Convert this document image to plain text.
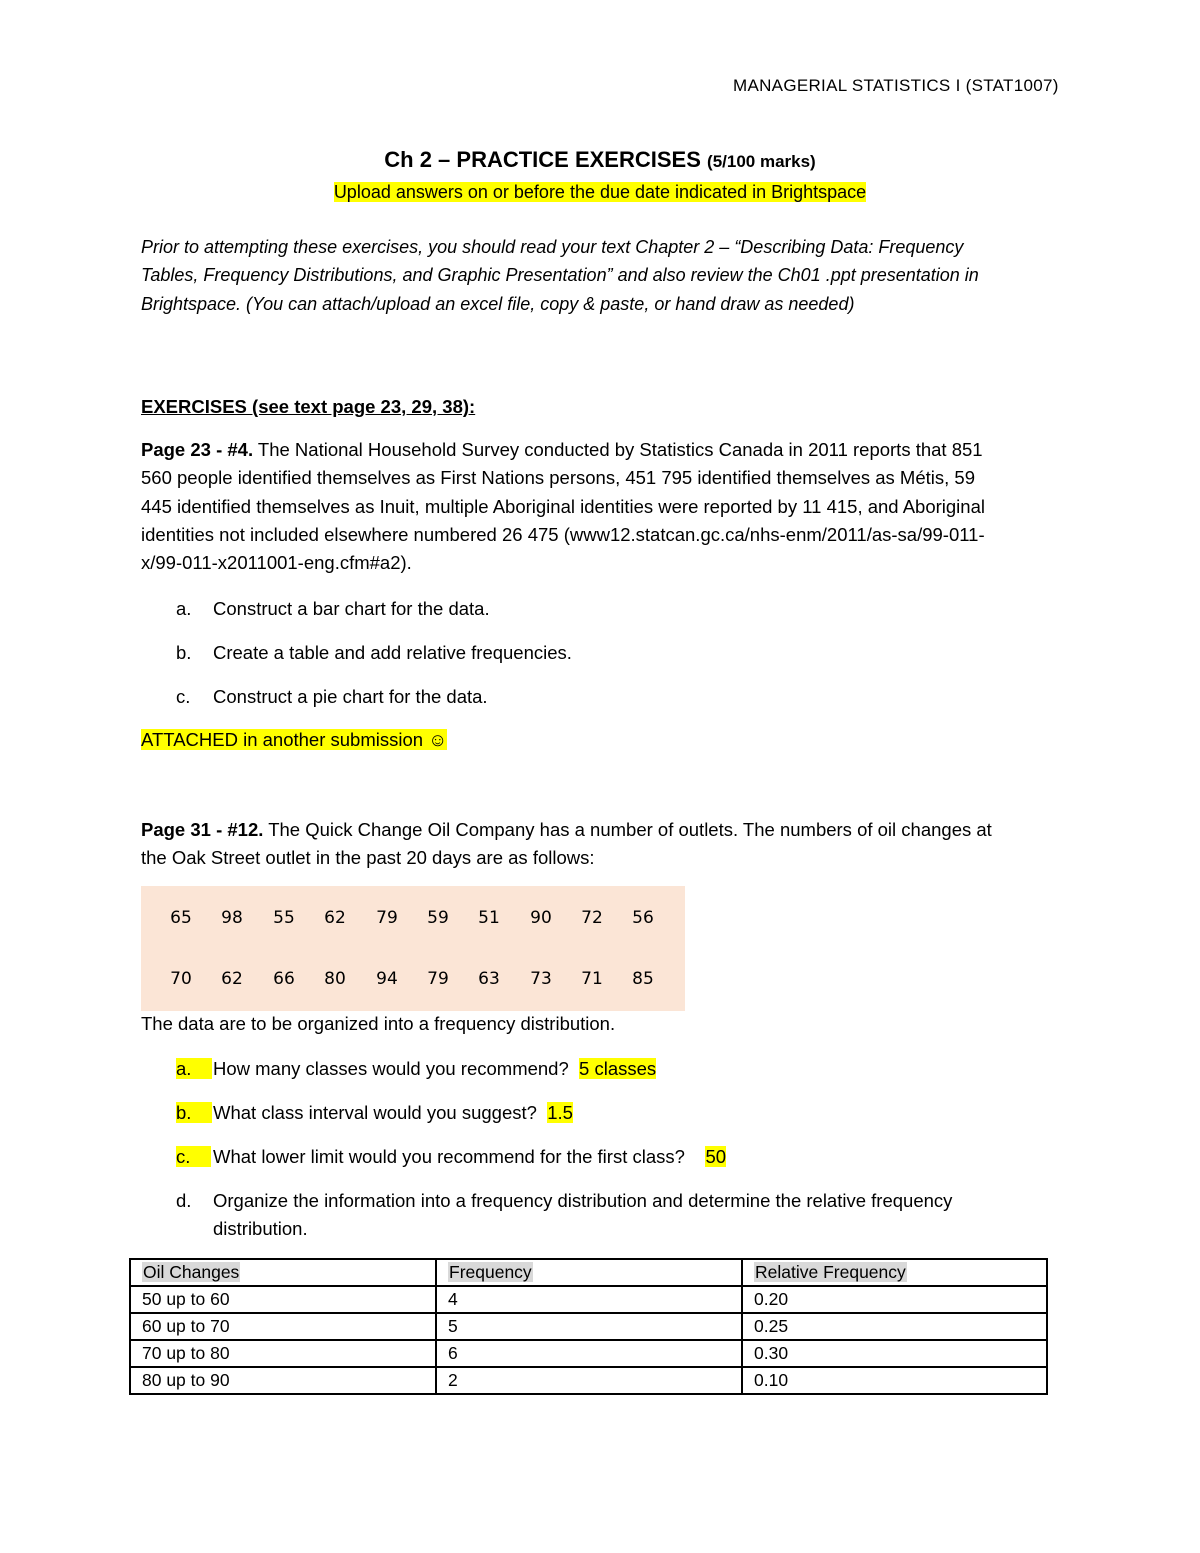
MANAGERIAL STATISTICS I (STAT1007)
Ch 2 – PRACTICE EXERCISES (5/100 marks)
Upload answers on or before the due date indicated in Brightspace
Prior to attempting these exercises, you should read your text Chapter 2 – “Describing Data: Frequency
Tables, Frequency Distributions, and Graphic Presentation” and also review the Ch01 .ppt presentation in
Brightspace. (You can attach/upload an excel file, copy & paste, or hand draw as needed)
EXERCISES (see text page 23, 29, 38):
Page 23 - #4. The National Household Survey conducted by Statistics Canada in 2011 reports that 851
560 people identified themselves as First Nations persons, 451 795 identified themselves as Métis, 59
445 identified themselves as Inuit, multiple Aboriginal identities were reported by 11 415, and Aboriginal
identities not included elsewhere numbered 26 475 (www12.statcan.gc.ca/nhs-enm/2011/as-sa/99-011-
x/99-011-x2011001-eng.cfm#a2).
a. Construct a bar chart for the data.
b. Create a table and add relative frequencies.
c. Construct a pie chart for the data.
ATTACHED in another submission ☺
Page 31 - #12. The Quick Change Oil Company has a number of outlets. The numbers of oil changes at
the Oak Street outlet in the past 20 days are as follows:
65	98	55	62	79	59	51	90	72	56
70	62	66	80	94	79	63	73	71	85
The data are to be organized into a frequency distribution.
a.	How many classes would you recommend? 5 classes
b.	What class interval would you suggest? 1.5
c.	What lower limit would you recommend for the first class? 50
d. Organize the information into a frequency distribution and determine the relative frequency
distribution.
Oil Changes	Frequency	Relative Frequency
50 up to 60	4	0.20
60 up to 70	5	0.25
70 up to 80	6	0.30
80 up to 90	2	0.10
